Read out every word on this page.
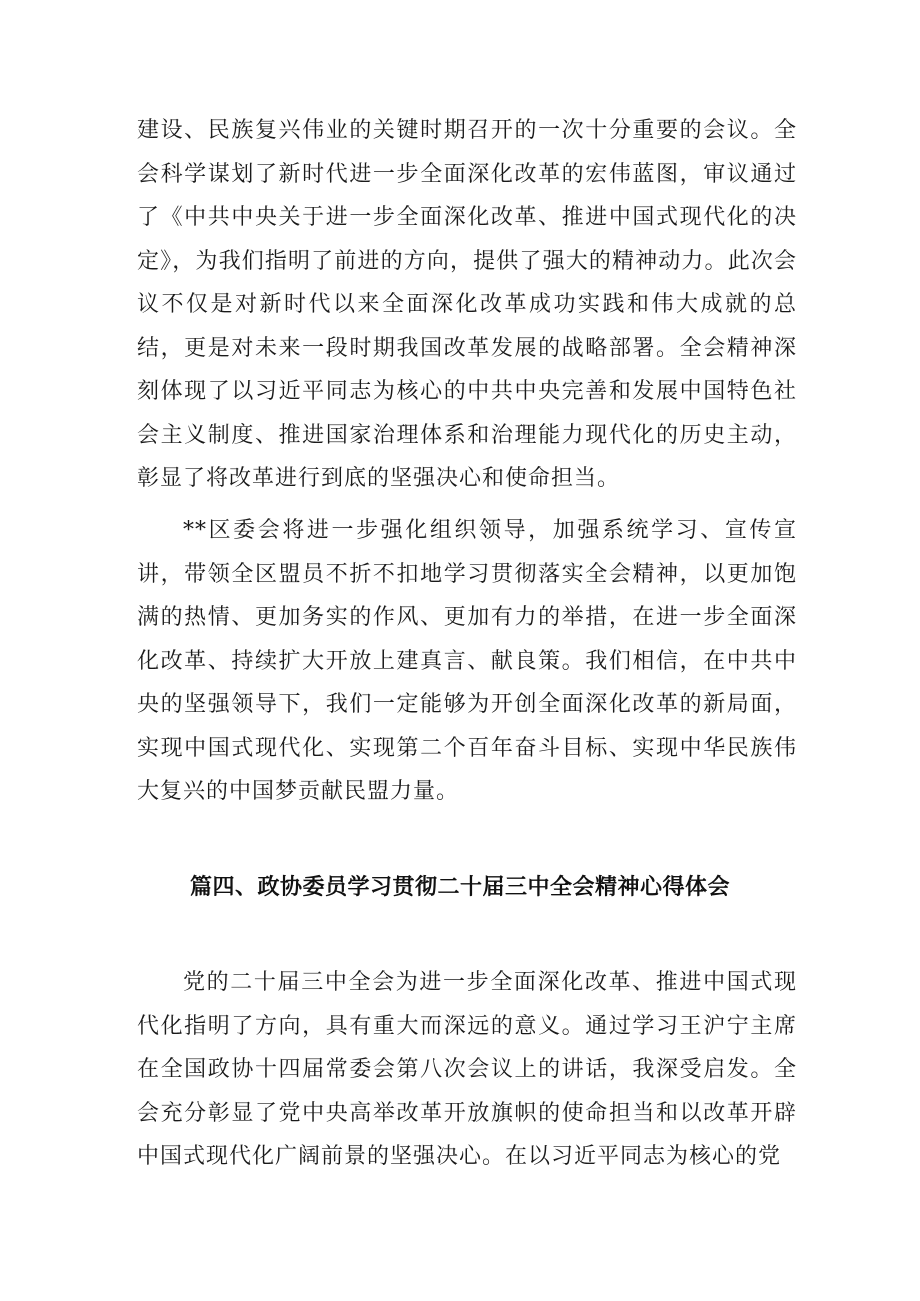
建设、民族复兴伟业的关键时期召开的一次十分重要的会议。全会科学谋划了新时代进一步全面深化改革的宏伟蓝图，审议通过了《中共中央关于进一步全面深化改革、推进中国式现代化的决定》，为我们指明了前进的方向，提供了强大的精神动力。此次会议不仅是对新时代以来全面深化改革成功实践和伟大成就的总结，更是对未来一段时期我国改革发展的战略部署。全会精神深刻体现了以习近平同志为核心的中共中央完善和发展中国特色社会主义制度、推进国家治理体系和治理能力现代化的历史主动，彰显了将改革进行到底的坚强决心和使命担当。

**区委会将进一步强化组织领导，加强系统学习、宣传宣讲，带领全区盟员不折不扣地学习贯彻落实全会精神，以更加饱满的热情、更加务实的作风、更加有力的举措，在进一步全面深化改革、持续扩大开放上建真言、献良策。我们相信，在中共中央的坚强领导下，我们一定能够为开创全面深化改革的新局面，实现中国式现代化、实现第二个百年奋斗目标、实现中华民族伟大复兴的中国梦贡献民盟力量。

篇四、政协委员学习贯彻二十届三中全会精神心得体会

党的二十届三中全会为进一步全面深化改革、推进中国式现代化指明了方向，具有重大而深远的意义。通过学习王沪宁主席在全国政协十四届常委会第八次会议上的讲话，我深受启发。全会充分彰显了党中央高举改革开放旗帜的使命担当和以改革开辟中国式现代化广阔前景的坚强决心。在以习近平同志为核心的党
